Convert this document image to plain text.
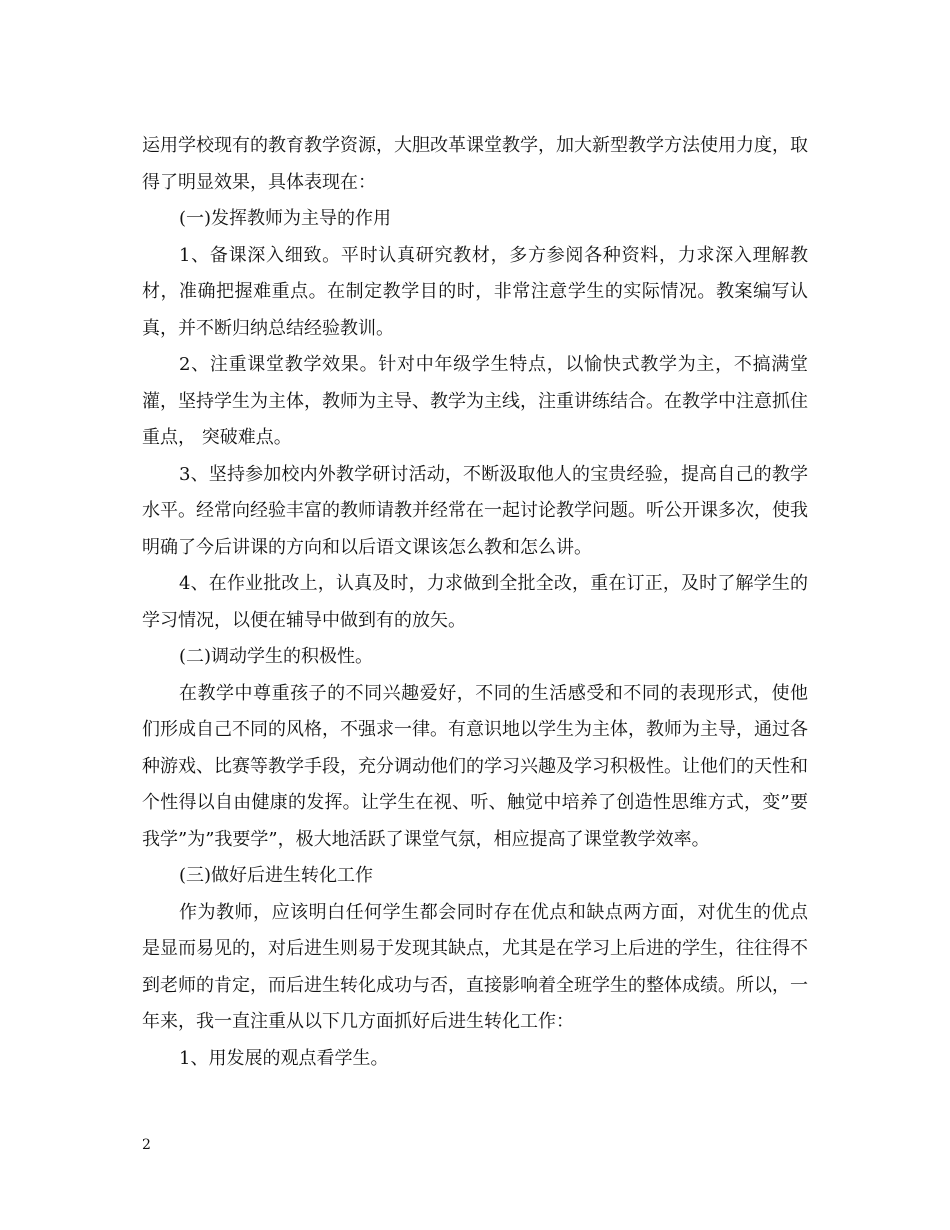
运用学校现有的教育教学资源，大胆改革课堂教学，加大新型教学方法使用力度，取得了明显效果，具体表现在：

(一)发挥教师为主导的作用

1、备课深入细致。平时认真研究教材，多方参阅各种资料，力求深入理解教材，准确把握难重点。在制定教学目的时，非常注意学生的实际情况。教案编写认真，并不断归纳总结经验教训。

2、注重课堂教学效果。针对中年级学生特点，以愉快式教学为主，不搞满堂灌，坚持学生为主体，教师为主导、教学为主线，注重讲练结合。在教学中注意抓住重点， 突破难点。

3、坚持参加校内外教学研讨活动，不断汲取他人的宝贵经验，提高自己的教学水平。经常向经验丰富的教师请教并经常在一起讨论教学问题。听公开课多次，使我明确了今后讲课的方向和以后语文课该怎么教和怎么讲。

4、在作业批改上，认真及时，力求做到全批全改，重在订正，及时了解学生的学习情况，以便在辅导中做到有的放矢。

(二)调动学生的积极性。

在教学中尊重孩子的不同兴趣爱好，不同的生活感受和不同的表现形式，使他们形成自己不同的风格，不强求一律。有意识地以学生为主体，教师为主导，通过各种游戏、比赛等教学手段，充分调动他们的学习兴趣及学习积极性。让他们的天性和个性得以自由健康的发挥。让学生在视、听、触觉中培养了创造性思维方式，变”要我学”为”我要学”，极大地活跃了课堂气氛，相应提高了课堂教学效率。

(三)做好后进生转化工作

作为教师，应该明白任何学生都会同时存在优点和缺点两方面，对优生的优点是显而易见的，对后进生则易于发现其缺点，尤其是在学习上后进的学生，往往得不到老师的肯定，而后进生转化成功与否，直接影响着全班学生的整体成绩。所以，一年来，我一直注重从以下几方面抓好后进生转化工作：

1、用发展的观点看学生。

2
